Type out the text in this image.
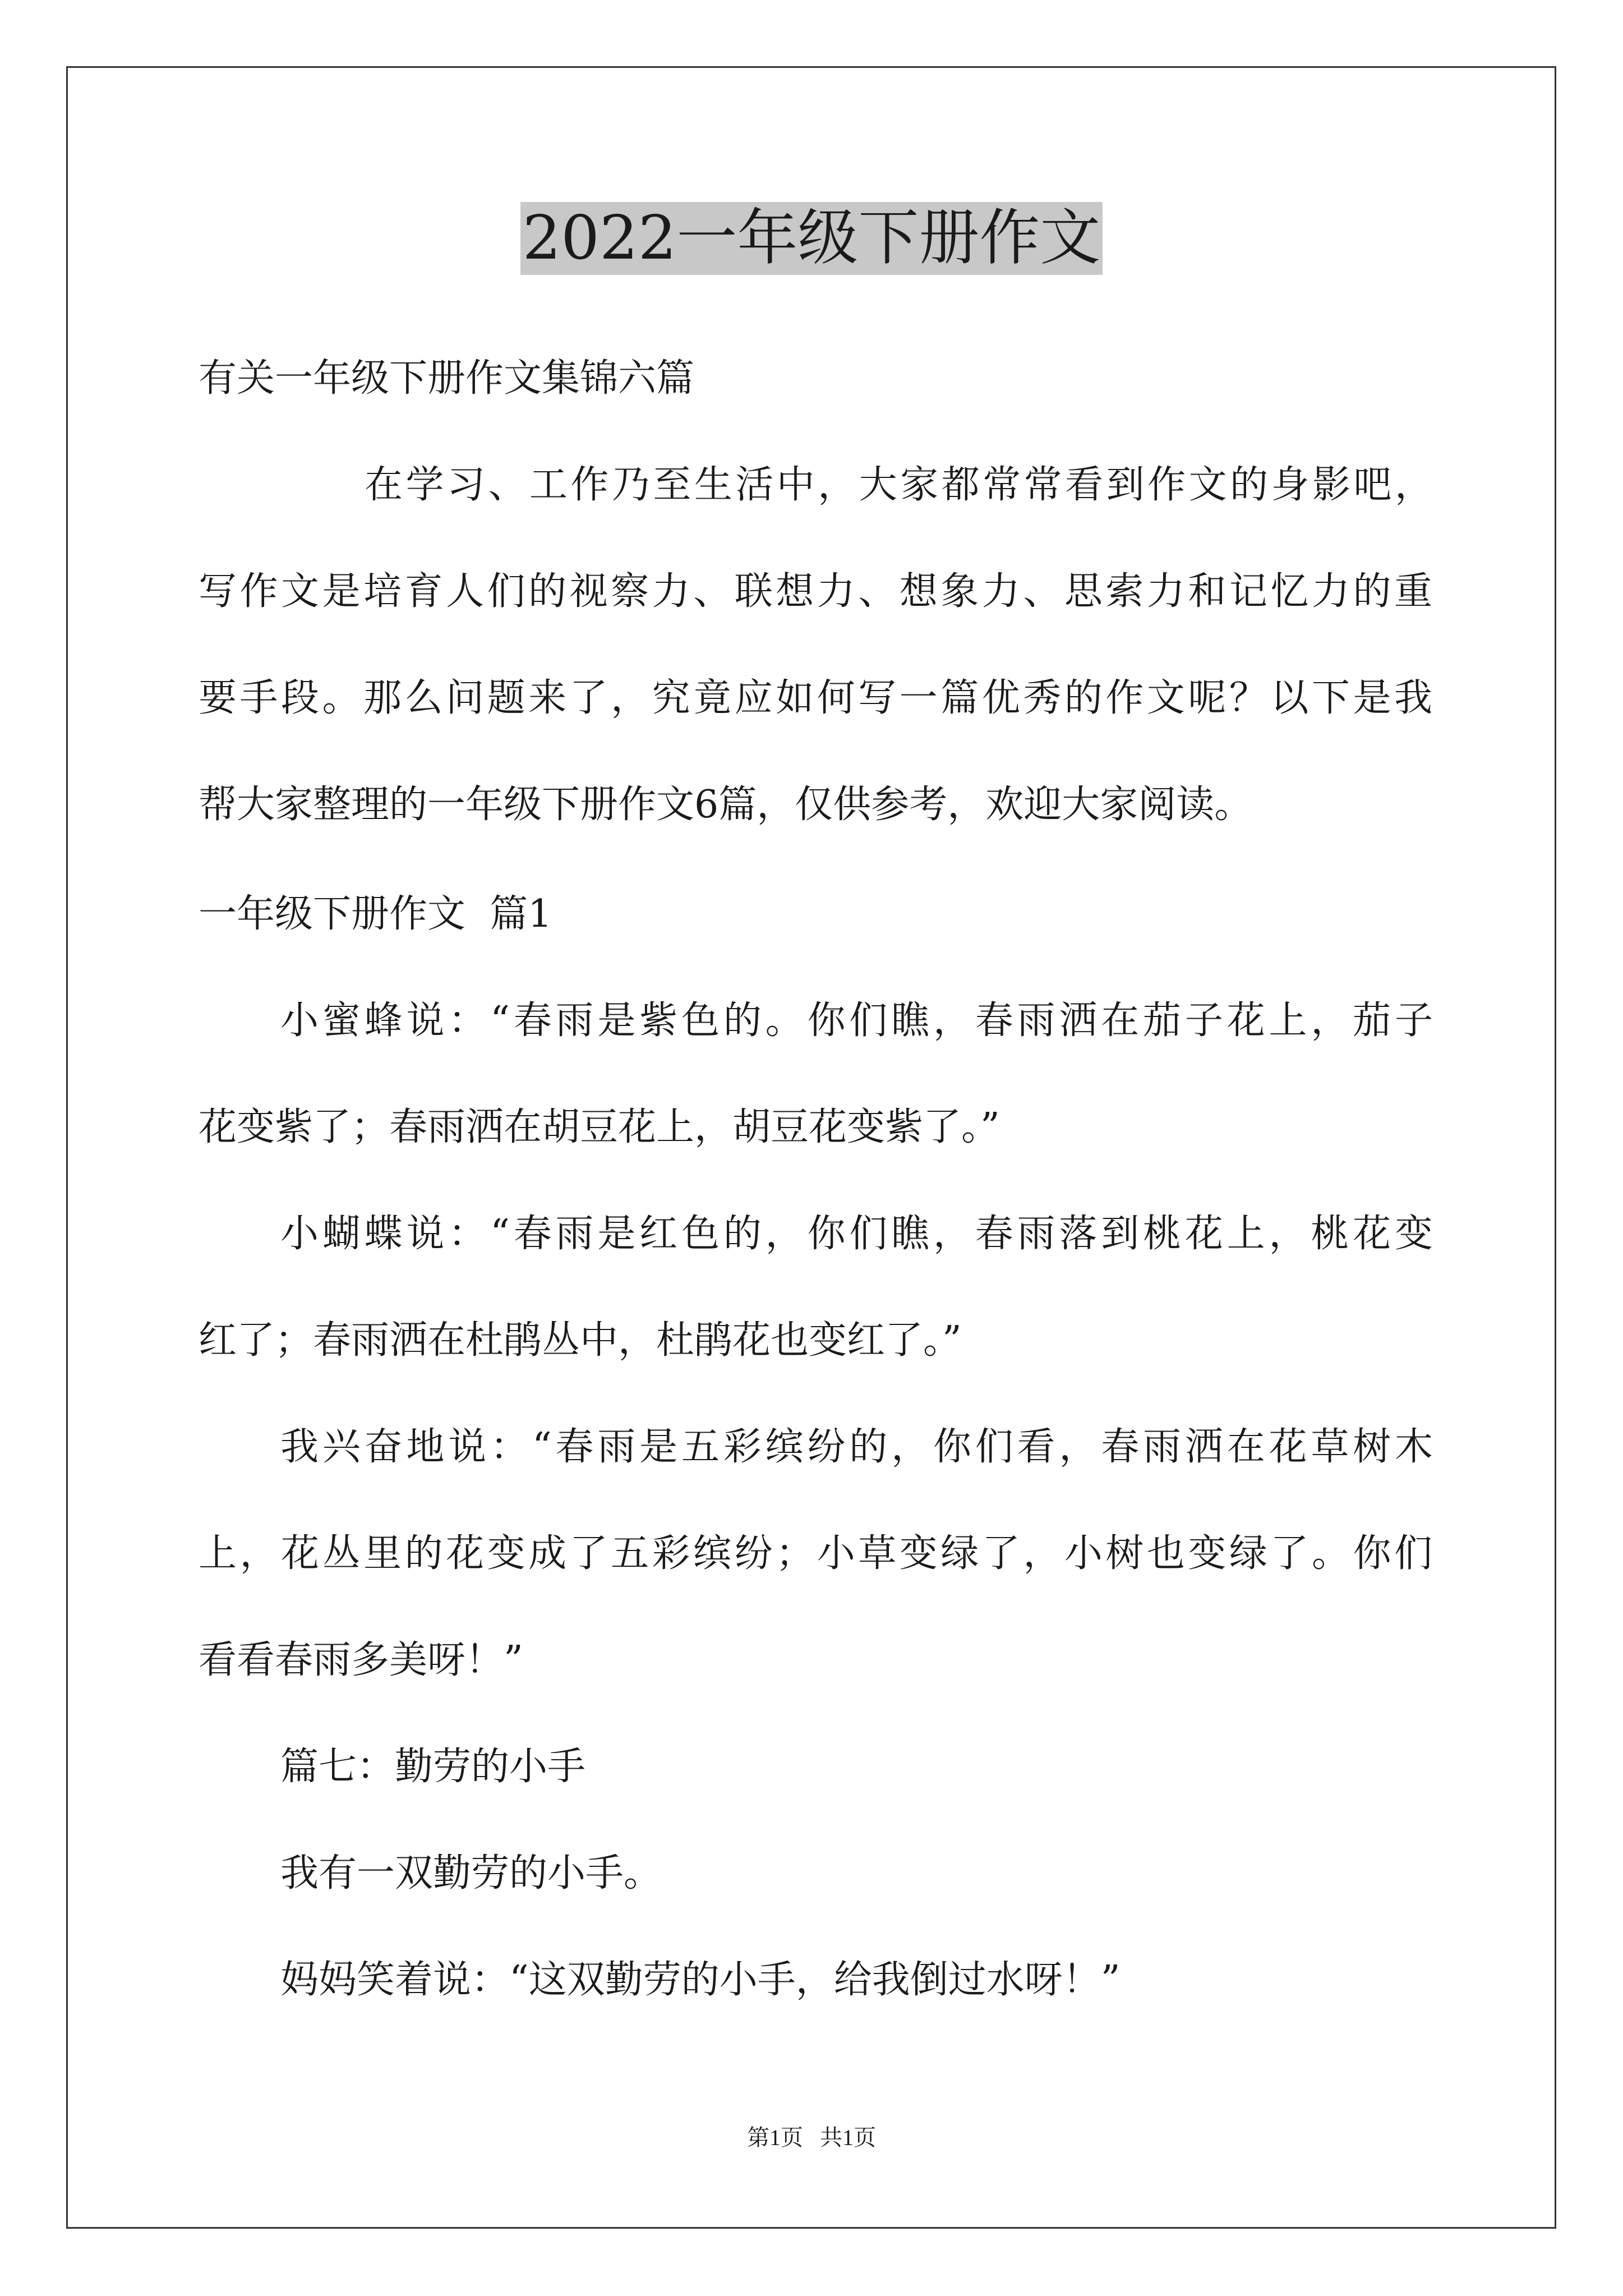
2022一年级下册作文
有关一年级下册作文集锦六篇
在学习、工作乃至生活中，大家都常常看到作文的身影吧，
写作文是培育人们的视察力、联想力、想象力、思索力和记忆力的重
要手段。那么问题来了，究竟应如何写一篇优秀的作文呢？以下是我
帮大家整理的一年级下册作文6篇，仅供参考，欢迎大家阅读。
一年级下册作文  篇1
小蜜蜂说：“春雨是紫色的。你们瞧，春雨洒在茄子花上，茄子
花变紫了；春雨洒在胡豆花上，胡豆花变紫了。”
小蝴蝶说：“春雨是红色的，你们瞧，春雨落到桃花上，桃花变
红了；春雨洒在杜鹃丛中，杜鹃花也变红了。”
我兴奋地说：“春雨是五彩缤纷的，你们看，春雨洒在花草树木
上，花丛里的花变成了五彩缤纷；小草变绿了，小树也变绿了。你们
看看春雨多美呀！”
篇七：勤劳的小手
我有一双勤劳的小手。
妈妈笑着说：“这双勤劳的小手，给我倒过水呀！”
第1页   共1页
